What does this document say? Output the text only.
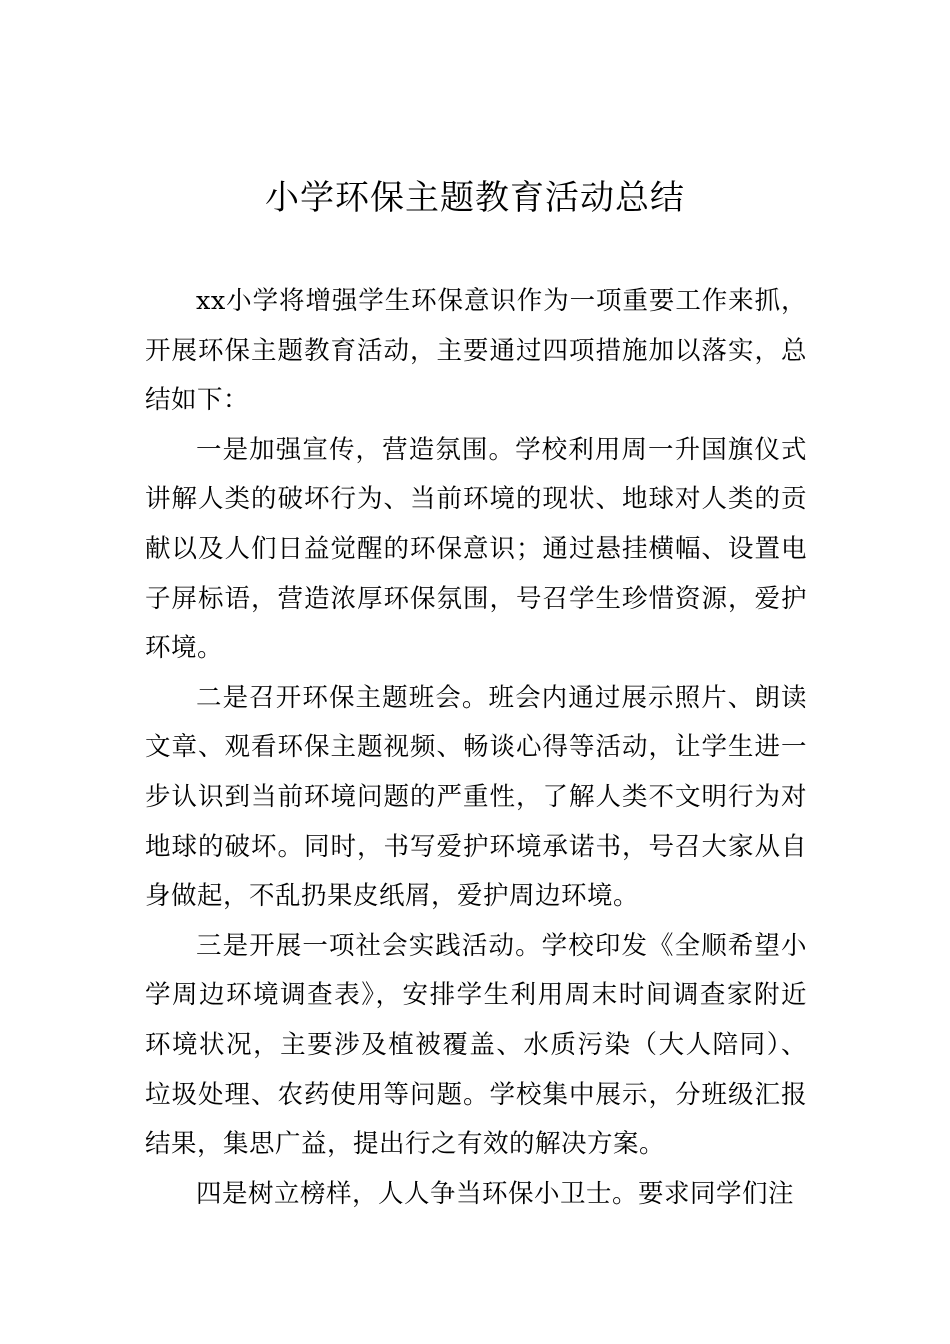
小学环保主题教育活动总结

xx小学将增强学生环保意识作为一项重要工作来抓，开展环保主题教育活动，主要通过四项措施加以落实，总结如下：

一是加强宣传，营造氛围。学校利用周一升国旗仪式讲解人类的破坏行为、当前环境的现状、地球对人类的贡献以及人们日益觉醒的环保意识；通过悬挂横幅、设置电子屏标语，营造浓厚环保氛围，号召学生珍惜资源，爱护环境。

二是召开环保主题班会。班会内通过展示照片、朗读文章、观看环保主题视频、畅谈心得等活动，让学生进一步认识到当前环境问题的严重性，了解人类不文明行为对地球的破坏。同时，书写爱护环境承诺书，号召大家从自身做起，不乱扔果皮纸屑，爱护周边环境。

三是开展一项社会实践活动。学校印发《全顺希望小学周边环境调查表》，安排学生利用周末时间调查家附近环境状况，主要涉及植被覆盖、水质污染（大人陪同）、垃圾处理、农药使用等问题。学校集中展示，分班级汇报结果，集思广益，提出行之有效的解决方案。

四是树立榜样，人人争当环保小卫士。要求同学们注
